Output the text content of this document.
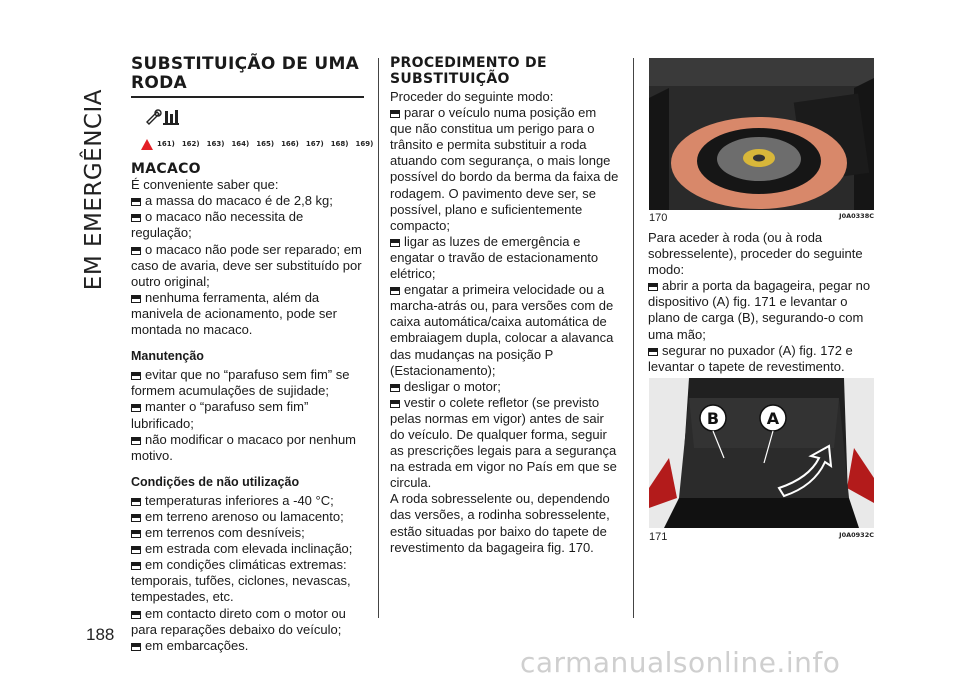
EM EMERGÊNCIA
188
SUBSTITUIÇÃO DE UMA RODA
161) 162) 163) 164) 165) 166) 167) 168) 169)
MACACO

É conveniente saber que:

a massa do macaco é de 2,8 kg;

o macaco não necessita de regulação;

o macaco não pode ser reparado; em caso de avaria, deve ser substituído por outro original;

nenhuma ferramenta, além da manivela de acionamento, pode ser montada no macaco.

Manutenção

evitar que no “parafuso sem fim” se formem acumulações de sujidade;

manter o “parafuso sem fim” lubrificado;

não modificar o macaco por nenhum motivo.

Condições de não utilização

temperaturas inferiores a -40 °C;

em terreno arenoso ou lamacento;

em terrenos com desníveis;

em estrada com elevada inclinação;

em condições climáticas extremas: temporais, tufões, ciclones, nevascas, tempestades, etc.

em contacto direto com o motor ou para reparações debaixo do veículo;

em embarcações.

PROCEDIMENTO DE SUBSTITUIÇÃO

Proceder do seguinte modo:

parar o veículo numa posição em que não constitua um perigo para o trânsito e permita substituir a roda atuando com segurança, o mais longe possível do bordo da berma da faixa de rodagem. O pavimento deve ser, se possível, plano e suficientemente compacto;

ligar as luzes de emergência e engatar o travão de estacionamento elétrico;

engatar a primeira velocidade ou a marcha-atrás ou, para versões com de caixa automática/caixa automática de embraiagem dupla, colocar a alavanca das mudanças na posição P (Estacionamento);

desligar o motor;

vestir o colete refletor (se previsto pelas normas em vigor) antes de sair do veículo. De qualquer forma, seguir as prescrições legais para a segurança na estrada em vigor no País em que se circula.

A roda sobresselente ou, dependendo das versões, a rodinha sobresselente, estão situadas por baixo do tapete de revestimento da bagageira fig. 170.

170	J0A0338C

Para aceder à roda (ou à roda sobresselente), proceder do seguinte modo:

abrir a porta da bagageira, pegar no dispositivo (A) fig. 171 e levantar o plano de carga (B), segurando-o com uma mão;

segurar no puxador (A) fig. 172 e levantar o tapete de revestimento.

B	A
171	J0A0932C
carmanualsonline.info
